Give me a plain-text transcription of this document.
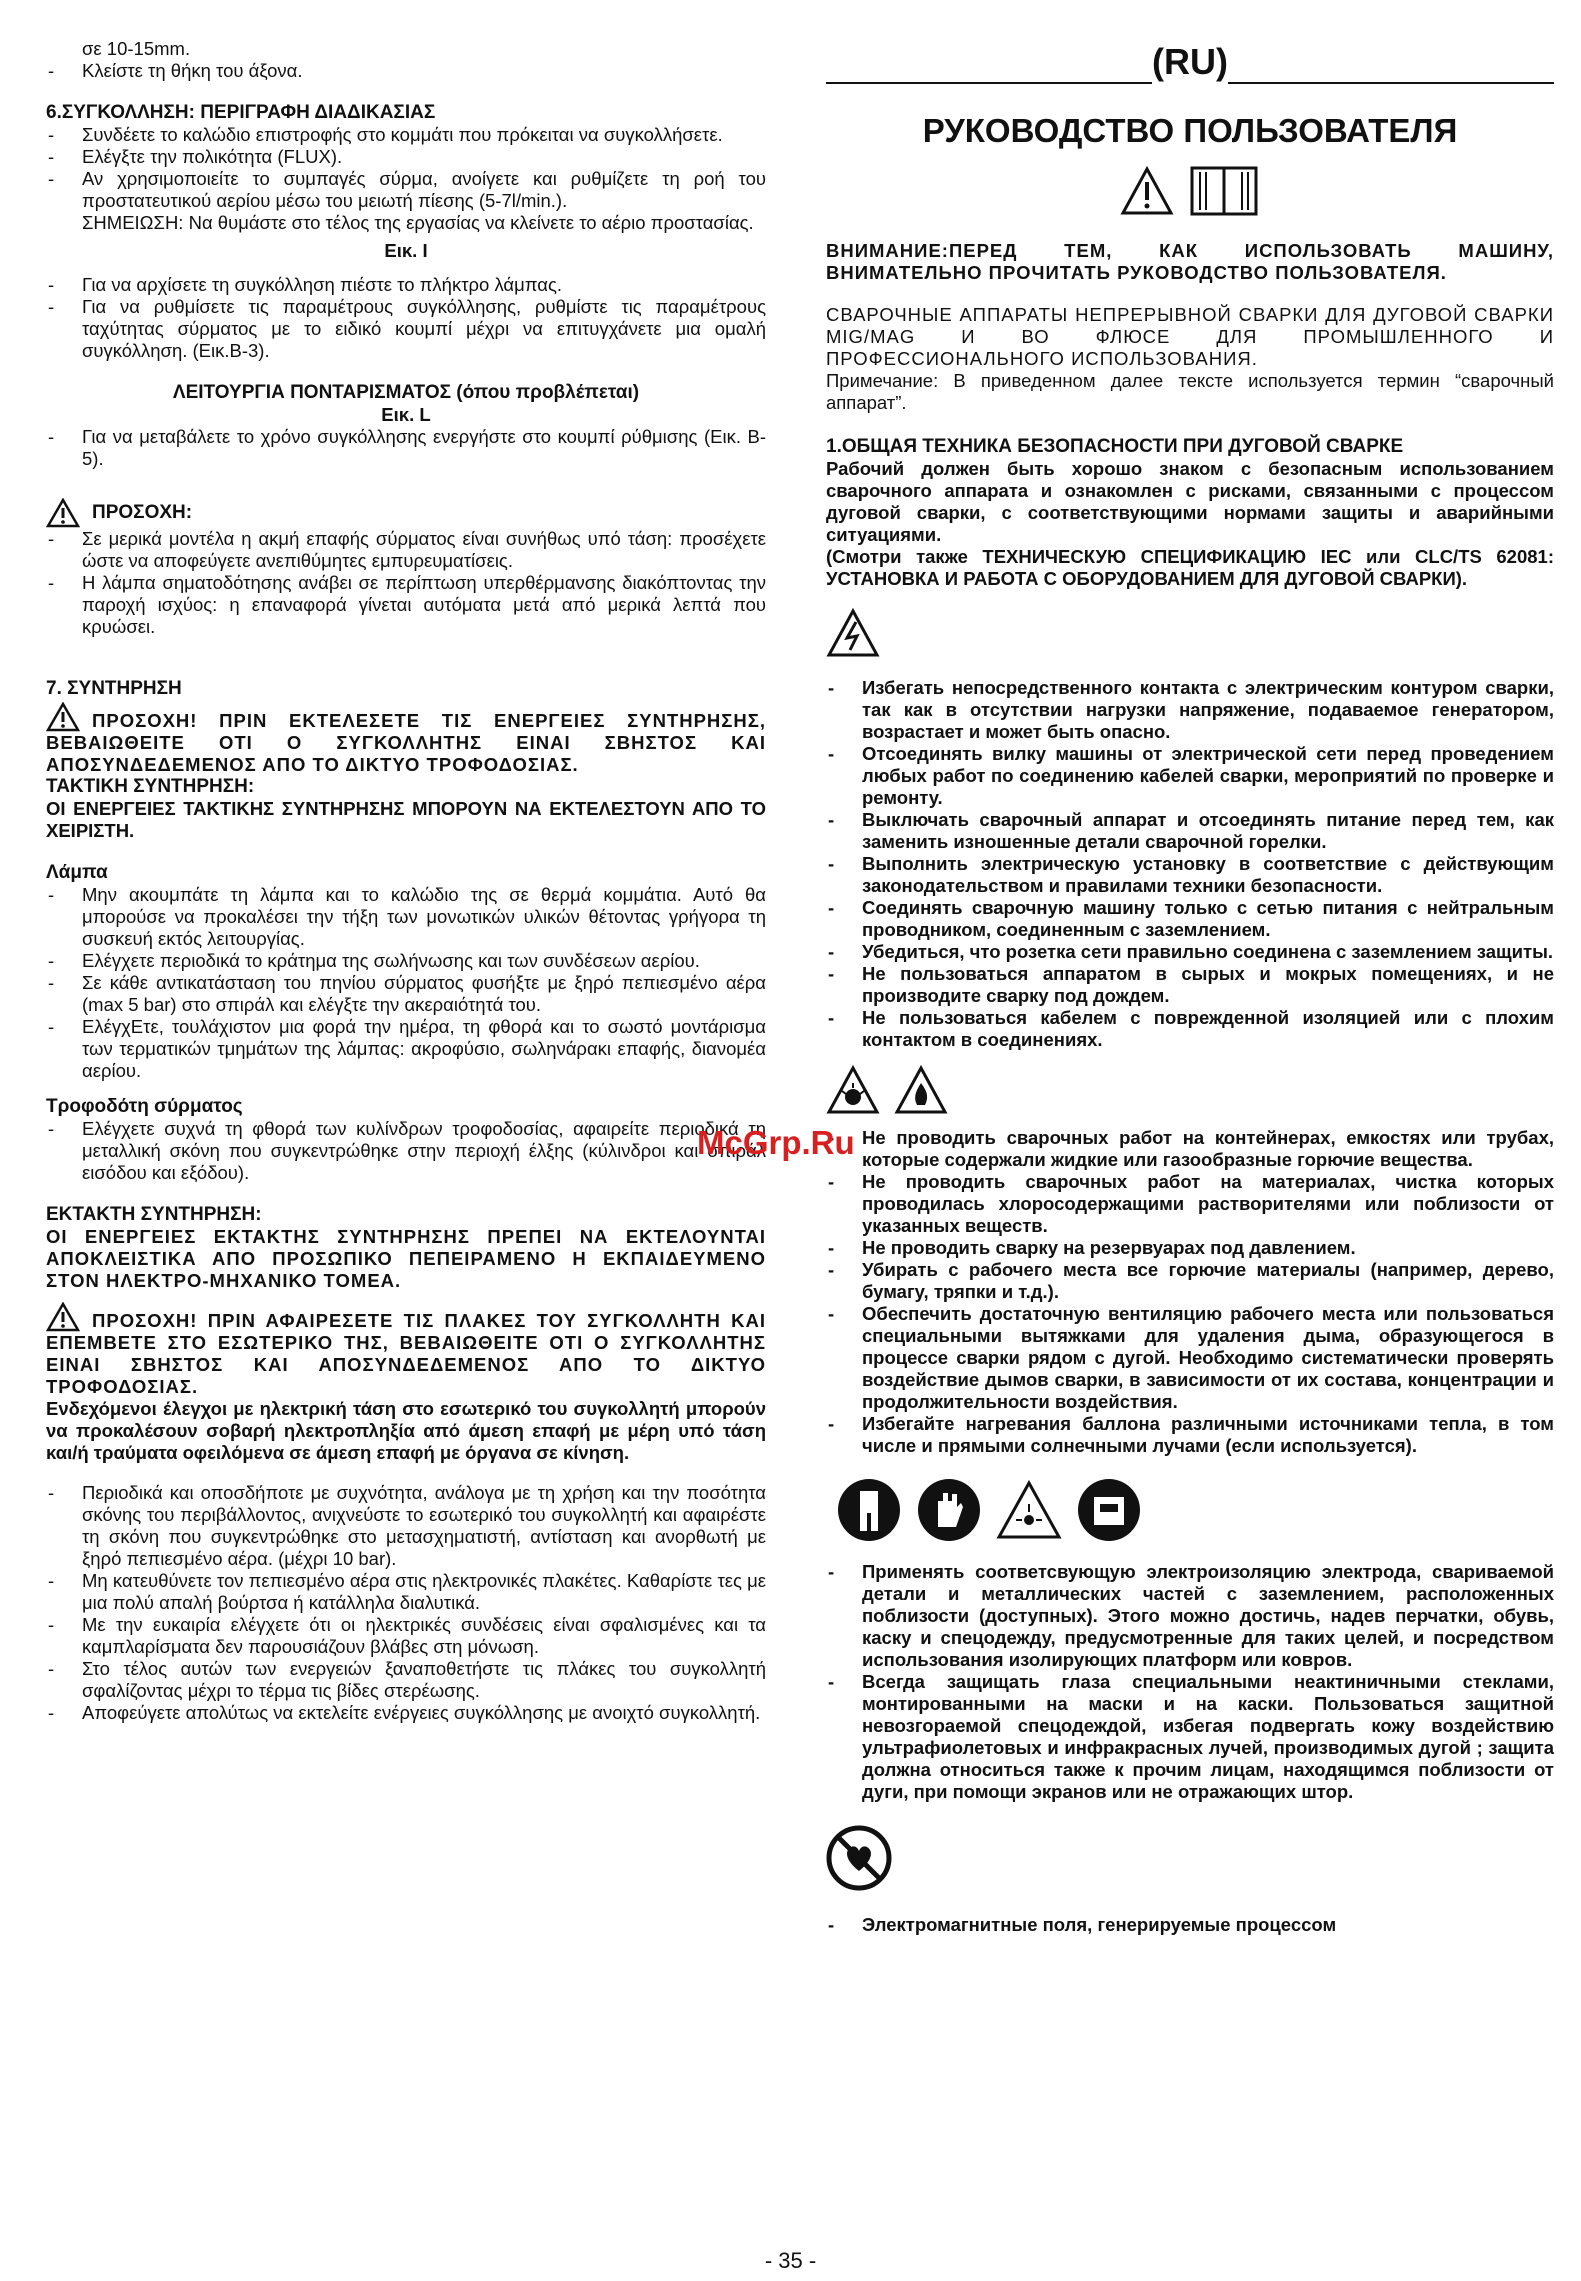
σε 10-15mm.

- Κλείστε τη θήκη του άξονα.

6.ΣΥΓΚΟΛΛΗΣΗ: ΠΕΡΙΓΡΑΦΗ ΔΙΑΔΙΚΑΣΙΑΣ

- Συνδέετε το καλώδιο επιστροφής στο κομμάτι που πρόκειται να συγκολλήσετε.
- Ελέγξτε την πολικότητα (FLUX).
- Αν χρησιμοποιείτε το συμπαγές σύρμα, ανοίγετε και ρυθμίζετε τη ροή του προστατευτικού αερίου μέσω του μειωτή πίεσης (5-7l/min.).

ΣΗΜΕΙΩΣΗ: Να θυμάστε στο τέλος της εργασίας να κλείνετε το αέριο προστασίας.

Εικ. I

- Για να αρχίσετε τη συγκόλληση πιέστε το πλήκτρο λάμπας.
- Για να ρυθμίσετε τις παραμέτρους συγκόλλησης, ρυθμίστε τις παραμέτρους ταχύτητας σύρματος με το ειδικό κουμπί μέχρι να επιτυγχάνετε μια ομαλή συγκόλληση. (Εικ.B-3).

ΛΕΙΤΟΥΡΓΙΑ ΠΟΝΤΑΡΙΣΜΑΤΟΣ (όπου προβλέπεται)

Εικ. L

- Για να μεταβάλετε το χρόνο συγκόλλησης ενεργήστε στο κουμπί ρύθμισης (Εικ. B-5).
ΠΡΟΣΟΧΗ:
- Σε μερικά μοντέλα η ακμή επαφής σύρματος είναι συνήθως υπό τάση: προσέχετε ώστε να αποφεύγετε ανεπιθύμητες εμπυρευματίσεις.
- Η λάμπα σηματοδότησης ανάβει σε περίπτωση υπερθέρμανσης διακόπτοντας την παροχή ισχύος: η επαναφορά γίνεται αυτόματα μετά από μερικά λεπτά που κρυώσει.

7. ΣΥΝΤΗΡΗΣΗ

ΠΡΟΣΟΧΗ! ΠΡΙΝ ΕΚΤΕΛΕΣΕΤΕ ΤΙΣ ΕΝΕΡΓΕΙΕΣ ΣΥΝΤΗΡΗΣΗΣ, ΒΕΒΑΙΩΘΕΙΤΕ ΟΤΙ Ο ΣΥΓΚΟΛΛΗΤΗΣ ΕΙΝΑΙ ΣΒΗΣΤΟΣ ΚΑΙ ΑΠΟΣΥΝΔΕΔΕΜΕΝΟΣ ΑΠΟ ΤΟ ΔΙΚΤΥΟ ΤΡΟΦΟΔΟΣΙΑΣ.

ΤΑΚΤΙΚΗ ΣΥΝΤΗΡΗΣΗ:

ΟΙ ΕΝΕΡΓΕΙΕΣ ΤΑΚΤΙΚΗΣ ΣΥΝΤΗΡΗΣΗΣ ΜΠΟΡΟΥΝ ΝΑ ΕΚΤΕΛΕΣΤΟΥΝ ΑΠΟ ΤΟ ΧΕΙΡΙΣΤΗ.

Λάμπα

- Μην ακουμπάτε τη λάμπα και το καλώδιο της σε θερμά κομμάτια. Αυτό θα μπορούσε να προκαλέσει την τήξη των μονωτικών υλικών θέτοντας γρήγορα τη συσκευή εκτός λειτουργίας.
- Ελέγχετε περιοδικά το κράτημα της σωλήνωσης και των συνδέσεων αερίου.
- Σε κάθε αντικατάσταση του πηνίου σύρματος φυσήξτε με ξηρό πεπιεσμένο αέρα (max 5 bar) στο σπιράλ και ελέγξτε την ακεραιότητά του.
- ΕλέγχΕτε, τουλάχιστον μια φορά την ημέρα, τη φθορά και το σωστό μοντάρισμα των τερματικών τμημάτων της λάμπας: ακροφύσιο, σωληνάρακι επαφής, διανομέα αερίου.

Τροφοδότη σύρματος

- Ελέγχετε συχνά τη φθορά των κυλίνδρων τροφοδοσίας, αφαιρείτε περιοδικά τη μεταλλική σκόνη που συγκεντρώθηκε στην περιοχή έλξης (κύλινδροι και σπιράλ εισόδου και εξόδου).

ΕΚΤΑΚΤΗ ΣΥΝΤΗΡΗΣΗ:

ΟΙ ΕΝΕΡΓΕΙΕΣ ΕΚΤΑΚΤΗΣ ΣΥΝΤΗΡΗΣΗΣ ΠΡΕΠΕΙ ΝΑ ΕΚΤΕΛΟΥΝΤΑΙ ΑΠΟΚΛΕΙΣΤΙΚΑ ΑΠΟ ΠΡΟΣΩΠΙΚΟ ΠΕΠΕΙΡΑΜΕΝΟ Η ΕΚΠΑΙΔΕΥΜΕΝΟ ΣΤΟΝ ΗΛΕΚΤΡΟ-ΜΗΧΑΝΙΚΟ ΤΟΜΕΑ.

ΠΡΟΣΟΧΗ! ΠΡΙΝ ΑΦΑΙΡΕΣΕΤΕ ΤΙΣ ΠΛΑΚΕΣ ΤΟΥ ΣΥΓΚΟΛΛΗΤΗ ΚΑΙ ΕΠΕΜΒΕΤΕ ΣΤΟ ΕΣΩΤΕΡΙΚΟ ΤΗΣ, ΒΕΒΑΙΩΘΕΙΤΕ ΟΤΙ Ο ΣΥΓΚΟΛΛΗΤΗΣ ΕΙΝΑΙ ΣΒΗΣΤΟΣ ΚΑΙ ΑΠΟΣΥΝΔΕΔΕΜΕΝΟΣ ΑΠΟ ΤΟ ΔΙΚΤΥΟ ΤΡΟΦΟΔΟΣΙΑΣ.

Ενδεχόμενοι έλεγχοι με ηλεκτρική τάση στο εσωτερικό του συγκολλητή μπορούν να προκαλέσουν σοβαρή ηλεκτροπληξία από άμεση επαφή με μέρη υπό τάση και/ή τραύματα οφειλόμενα σε άμεση επαφή με όργανα σε κίνηση.

- Περιοδικά και οποσδήποτε με συχνότητα, ανάλογα με τη χρήση και την ποσότητα σκόνης του περιβάλλοντος, ανιχνεύστε το εσωτερικό του συγκολλητή και αφαιρέστε τη σκόνη που συγκεντρώθηκε στο μετασχηματιστή, αντίσταση και ανορθωτή με ξηρό πεπιεσμένο αέρα. (μέχρι 10 bar).
- Μη κατευθύνετε τον πεπιεσμένο αέρα στις ηλεκτρονικές πλακέτες. Καθαρίστε τες με μια πολύ απαλή βούρτσα ή κατάλληλα διαλυτικά.
- Με την ευκαιρία ελέγχετε ότι οι ηλεκτρικές συνδέσεις είναι σφαλισμένες και τα καμπλαρίσματα δεν παρουσιάζουν βλάβες στη μόνωση.
- Στο τέλος αυτών των ενεργειών ξαναποθετήστε τις πλάκες του συγκολλητή σφαλίζοντας μέχρι το τέρμα τις βίδες στερέωσης.
- Αποφεύγετε απολύτως να εκτελείτε ενέργειες συγκόλλησης με ανοιχτό συγκολλητή.
(RU)

РУКОВОДСТВО ПОЛЬЗОВАТЕЛЯ

ВНИМАНИЕ:ПЕРЕД ТЕМ, КАК ИСПОЛЬЗОВАТЬ МАШИНУ, ВНИМАТЕЛЬНО ПРОЧИТАТЬ РУКОВОДСТВО ПОЛЬЗОВАТЕЛЯ.

СВАРОЧНЫЕ АППАРАТЫ НЕПРЕРЫВНОЙ СВАРКИ ДЛЯ ДУГОВОЙ СВАРКИ MIG/MAG И ВО ФЛЮСЕ ДЛЯ ПРОМЫШЛЕННОГО И ПРОФЕССИОНАЛЬНОГО ИСПОЛЬЗОВАНИЯ.

Примечание: В приведенном далее тексте используется термин “сварочный аппарат”.

1.ОБЩАЯ ТЕХНИКА БЕЗОПАСНОСТИ ПРИ ДУГОВОЙ СВАРКЕ

Рабочий должен быть хорошо знаком с безопасным использованием сварочного аппарата и ознакомлен с рисками, связанными с процессом дуговой сварки, с соответствующими нормами защиты и аварийными ситуациями.

(Смотри также ТЕХНИЧЕСКУЮ СПЕЦИФИКАЦИЮ IEC или CLC/TS 62081: УСТАНОВКА И РАБОТА С ОБОРУДОВАНИЕМ ДЛЯ ДУГОВОЙ СВАРКИ).

- Избегать непосредственного контакта с электрическим контуром сварки, так как в отсутствии нагрузки напряжение, подаваемое генератором, возрастает и может быть опасно.
- Отсоединять вилку машины от электрической сети перед проведением любых работ по соединению кабелей сварки, мероприятий по проверке и ремонту.
- Выключать сварочный аппарат и отсоединять питание перед тем, как заменить изношенные детали сварочной горелки.
- Выполнить электрическую установку в соответствие с действующим законодательством и правилами техники безопасности.
- Соединять сварочную машину только с сетью питания с нейтральным проводником, соединенным с заземлением.
- Убедиться, что розетка сети правильно соединена с заземлением защиты.
- Не пользоваться аппаратом в сырых и мокрых помещениях, и не производите сварку под дождем.
- Не пользоваться кабелем с поврежденной изоляцией или с плохим контактом в соединениях.
- Не проводить сварочных работ на контейнерах, емкостях или трубах, которые содержали жидкие или газообразные горючие вещества.
- Не проводить сварочных работ на материалах, чистка которых проводилась хлоросодержащими растворителями или поблизости от указанных веществ.
- Не проводить сварку на резервуарах под давлением.
- Убирать с рабочего места все горючие материалы (например, дерево, бумагу, тряпки и т.д.).
- Обеспечить достаточную вентиляцию рабочего места или пользоваться специальными вытяжками для удаления дыма, образующегося в процессе сварки рядом с дугой. Необходимо систематически проверять воздействие дымов сварки, в зависимости от их состава, концентрации и продолжительности воздействия.
- Избегайте нагревания баллона различными источниками тепла, в том числе и прямыми солнечными лучами (если используется).
- Применять соответсвующую электроизоляцию электрода, свариваемой детали и металлических частей с заземлением, расположенных поблизости (доступных). Этого можно достичь, надев перчатки, обувь, каску и спецодежду, предусмотренные для таких целей, и посредством использования изолирующих платформ или ковров.
- Всегда защищать глаза специальными неактиничными стеклами, монтированными на маски и на каски. Пользоваться защитной невозгораемой спецодеждой, избегая подвергать кожу воздействию ультрафиолетовых и инфракрасных лучей, производимых дугой ; защита должна относиться также к прочим лицам, находящимся поблизости от дуги, при помощи экранов или не отражающих штор.
- Электромагнитные поля, генерируемые процессом
McGrp.Ru
- 35 -
